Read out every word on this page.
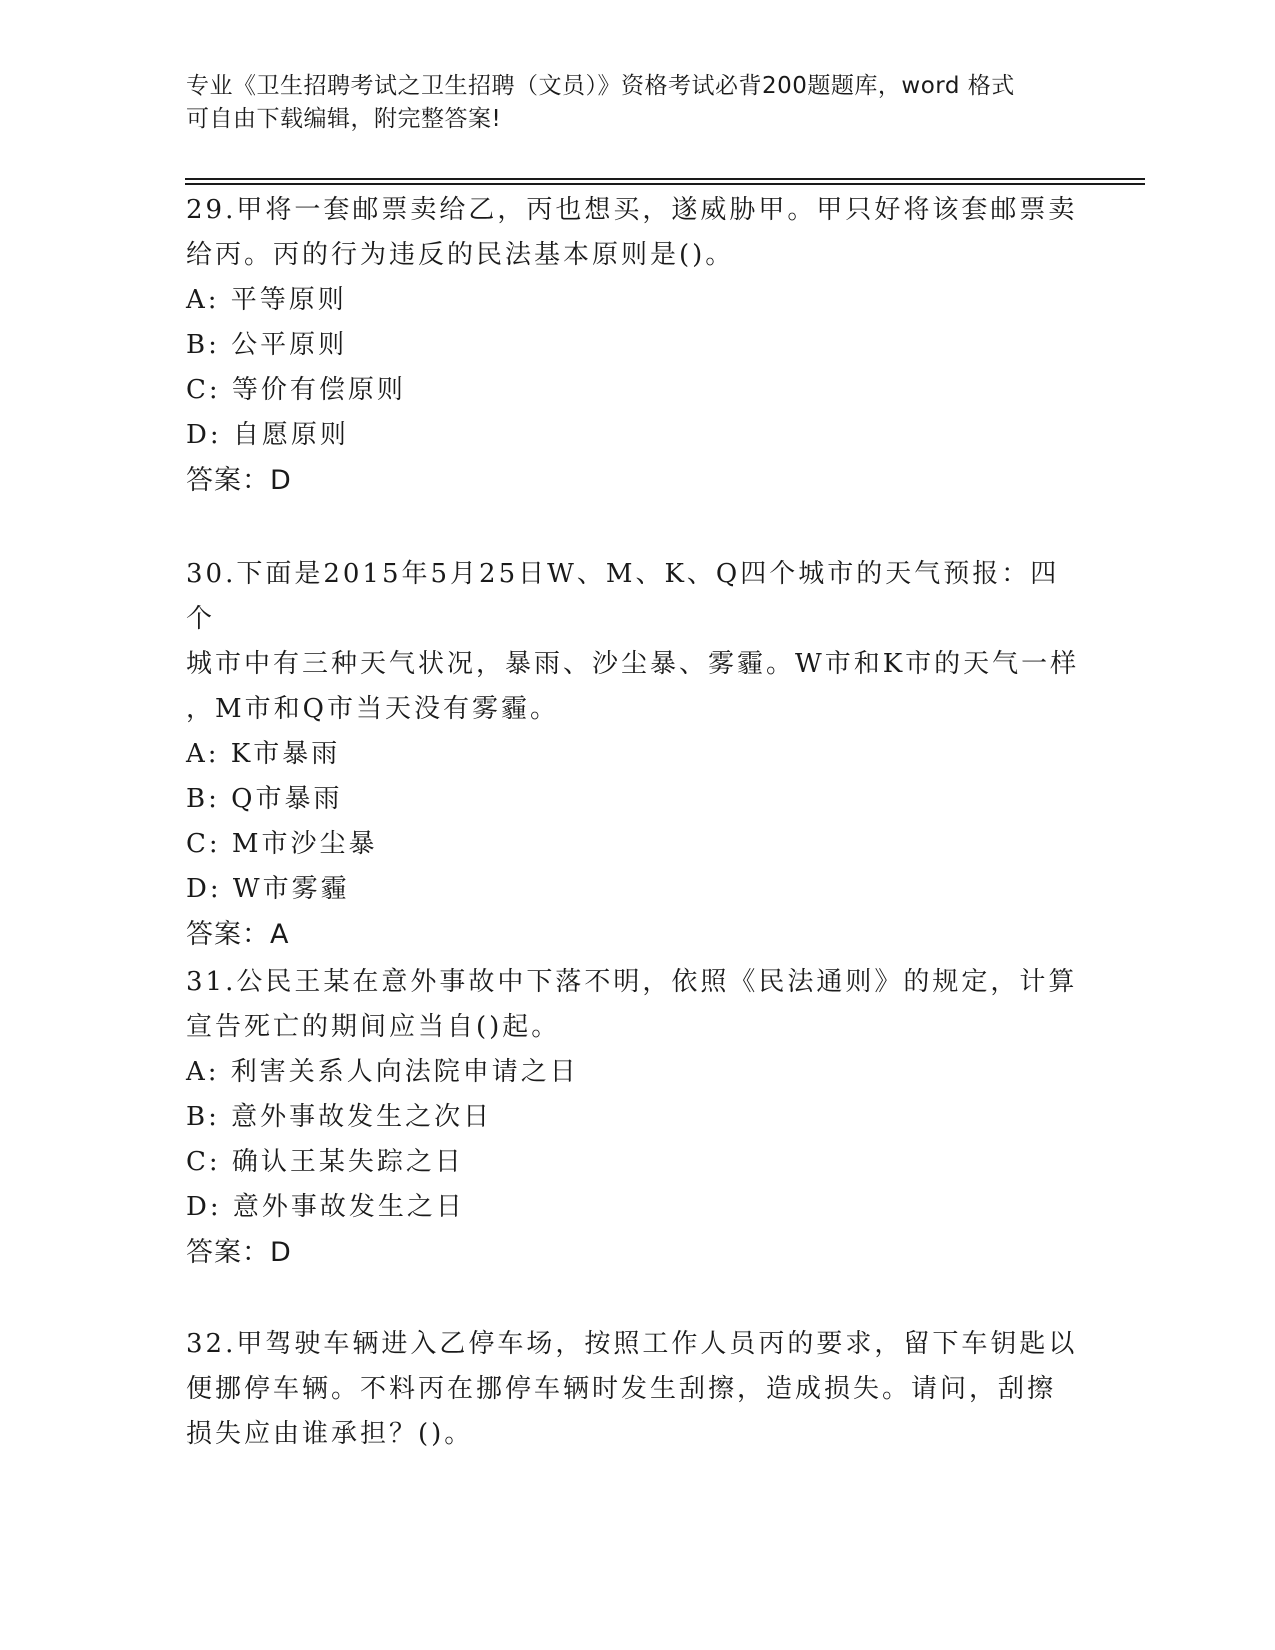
专业《卫生招聘考试之卫生招聘（文员）》资格考试必背200题题库，word 格式
可自由下载编辑，附完整答案!

29.甲将一套邮票卖给乙，丙也想买，遂威胁甲。甲只好将该套邮票卖

给丙。丙的行为违反的民法基本原则是()。

A: 平等原则

B: 公平原则

C: 等价有偿原则

D: 自愿原则

答案：D

30.下面是2015年5月25日W、M、K、Q四个城市的天气预报：四个

城市中有三种天气状况，暴雨、沙尘暴、雾霾。W市和K市的天气一样

，M市和Q市当天没有雾霾。

A: K市暴雨

B: Q市暴雨

C: M市沙尘暴

D: W市雾霾

答案：A

31.公民王某在意外事故中下落不明，依照《民法通则》的规定，计算

宣告死亡的期间应当自()起。

A: 利害关系人向法院申请之日

B: 意外事故发生之次日

C: 确认王某失踪之日

D: 意外事故发生之日

答案：D

32.甲驾驶车辆进入乙停车场，按照工作人员丙的要求，留下车钥匙以

便挪停车辆。不料丙在挪停车辆时发生刮擦，造成损失。请问，刮擦

损失应由谁承担？()。
